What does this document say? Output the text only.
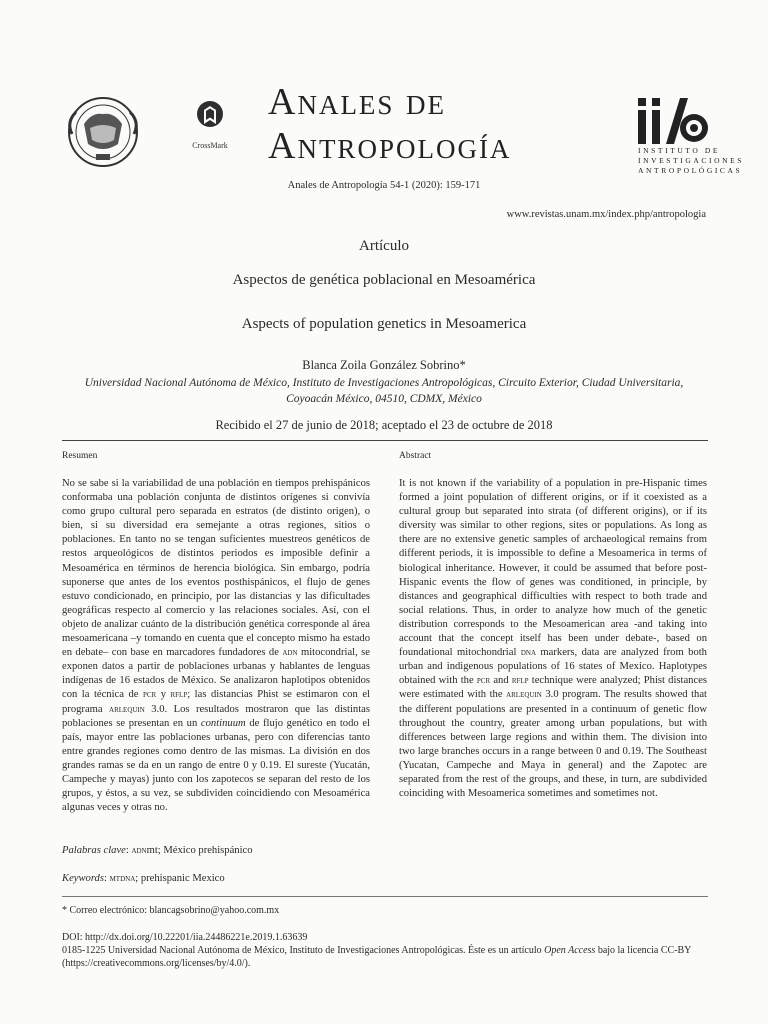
CrossMark
Anales de
Antropología	INSTITUTO DE
INVESTIGACIONES
ANTROPOLÓGICAS
Anales de Antropología 54-1 (2020): 159-171
www.revistas.unam.mx/index.php/antropologia
Artículo
Aspectos de genética poblacional en Mesoamérica
Aspects of population genetics in Mesoamerica
Blanca Zoila González Sobrino*
Universidad Nacional Autónoma de México, Instituto de Investigaciones Antropológicas, Circuito Exterior, Ciudad Universitaria,
Coyoacán México, 04510, CDMX, México
Recibido el 27 de junio de 2018; aceptado el 23 de octubre de 2018
Resumen	Abstract
No se sabe si la variabilidad de una población en tiempos prehispánicos conformaba una población conjunta de distintos orígenes si convivía como grupo cultural pero separada en estratos (de distinto origen), o bien, si su diversidad era semejante a otras regiones, sitios o poblaciones. En tanto no se tengan suficientes muestreos genéticos de restos arqueológicos de distintos periodos es imposible definir a Mesoamérica en términos de herencia biológica. Sin embargo, podría suponerse que antes de los eventos posthispánicos, el flujo de genes estuvo condicionado, en principio, por las distancias y las dificultades geográficas respecto al comercio y las relaciones sociales. Así, con el objeto de analizar cuánto de la distribución genética corresponde al área mesoamericana –y tomando en cuenta que el concepto mismo ha estado en debate– con base en marcadores fundadores de adn mitocondrial, se exponen datos a partir de poblaciones urbanas y hablantes de lenguas indígenas de 16 estados de México. Se analizaron haplotipos obtenidos con la técnica de pcr y rflp; las distancias Phist se estimaron con el programa arlequin 3.0. Los resultados mostraron que las distintas poblaciones se presentan en un continuum de flujo genético en todo el país, mayor entre las poblaciones urbanas, pero con diferencias tanto entre grandes regiones como dentro de las mismas. La división en dos grandes ramas se da en un rango de entre 0 y 0.19. El sureste (Yucatán, Campeche y mayas) junto con los zapotecos se separan del resto de los grupos, y éstos, a su vez, se subdividen coincidiendo con Mesoamérica algunas veces y otras no.
It is not known if the variability of a population in pre-Hispanic times formed a joint population of different origins, or if it coexisted as a cultural group but separated into strata (of different origins), or if its diversity was similar to other regions, sites or populations. As long as there are no extensive genetic samples of archaeological remains from different periods, it is impossible to define a Mesoamerica in terms of biological inheritance. However, it could be assumed that before post-Hispanic events the flow of genes was conditioned, in principle, by distances and geographical difficulties with respect to both trade and social relations. Thus, in order to analyze how much of the genetic distribution corresponds to the Mesoamerican area -and taking into account that the concept itself has been under debate-, based on foundational mitochondrial dna markers, data are analyzed from both urban and indigenous populations of 16 states of Mexico. Haplotypes obtained with the pcr and rflp technique were analyzed; Phist distances were estimated with the arlequin 3.0 program. The results showed that the different populations are presented in a continuum of genetic flow throughout the country, greater among urban populations, but with differences between large regions and within them. The division into two large branches occurs in a range between 0 and 0.19. The Southeast (Yucatan, Campeche and Maya in general) and the Zapotec are separated from the rest of the groups, and these, in turn, are subdivided coinciding with Mesoamerica sometimes and sometimes not.
Palabras clave: adnmt; México prehispánico
Keywords: mtdna; prehispanic Mexico
* Correo electrónico: blancagsobrino@yahoo.com.mx
DOI: http://dx.doi.org/10.22201/iia.24486221e.2019.1.63639
0185-1225 Universidad Nacional Autónoma de México, Instituto de Investigaciones Antropológicas. Éste es un artículo Open Access bajo la licencia CC-BY (https://creativecommons.org/licenses/by/4.0/).
